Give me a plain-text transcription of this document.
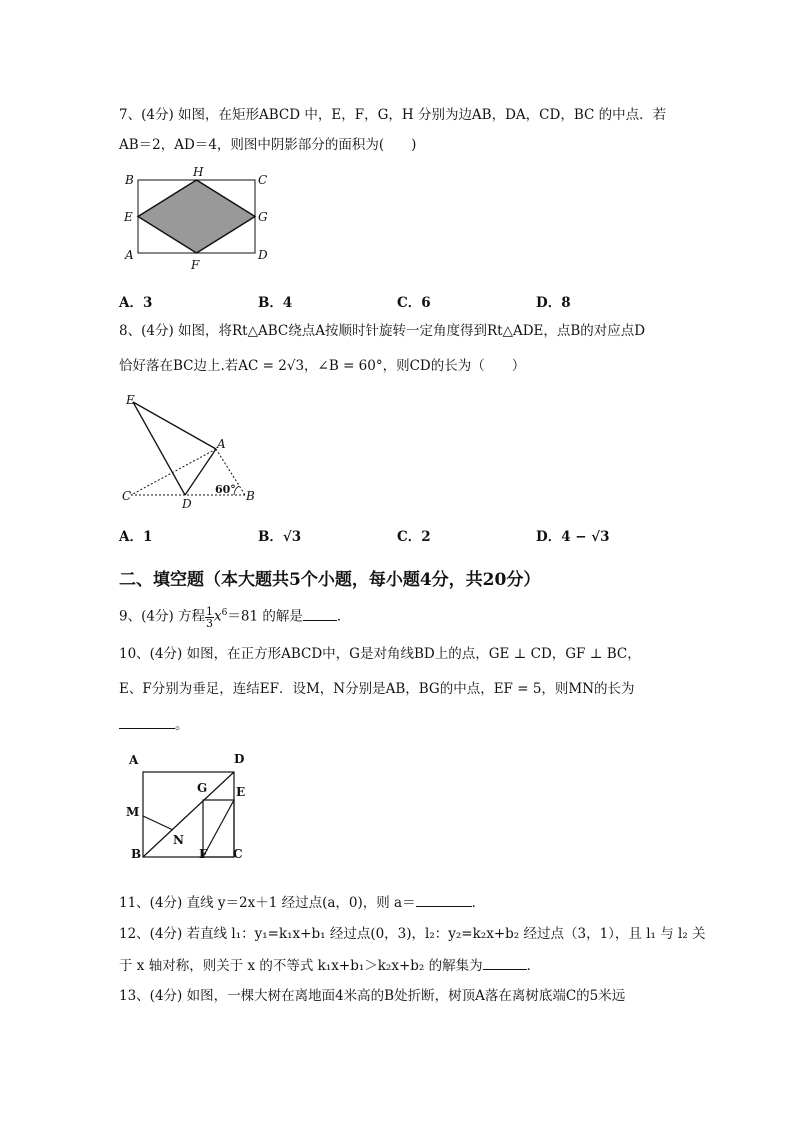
7、(4分) 如图，在矩形ABCD 中，E，F，G，H 分别为边AB，DA，CD，BC 的中点．若
AB＝2，AD＝4，则图中阴影部分的面积为(　　)
B
H
C
E	G
A
F
D
A．3	B．4	C．6	D．8
8、(4分) 如图，将Rt△ABC绕点A按顺时针旋转一定角度得到Rt△ADE，点B的对应点D
恰好落在BC边上.若AC = 2√3，∠B = 60°，则CD的长为（　　）
E
A
C
D
B
60°
A．1	B．√3	C．2	D．4 − √3
二、填空题（本大题共5个小题，每小题4分，共20分）
9、(4分) 方程 $\frac{1}{3} x^6=81$ 的解是	．
10、(4分) 如图，在正方形ABCD中，G是对角线BD上的点，GE ⊥ CD，GF ⊥ BC，
E、F分别为垂足，连结EF．设M，N分别是AB，BG的中点，EF = 5，则MN的长为
。
A	D
G E
M
N
B	F C
11、(4分) 直线 y＝2x＋1 经过点(a，0)，则 a＝	．
12、(4分) 若直线 l₁：y₁=k₁x+b₁ 经过点(0，3)，l₂：y₂=k₂x+b₂ 经过点（3，1），且 l₁ 与 l₂ 关
于 x 轴对称，则关于 x 的不等式 k₁x+b₁＞k₂x+b₂ 的解集为	．
13、(4分) 如图，一棵大树在离地面4米高的B处折断，树顶A落在离树底端C的5米远
